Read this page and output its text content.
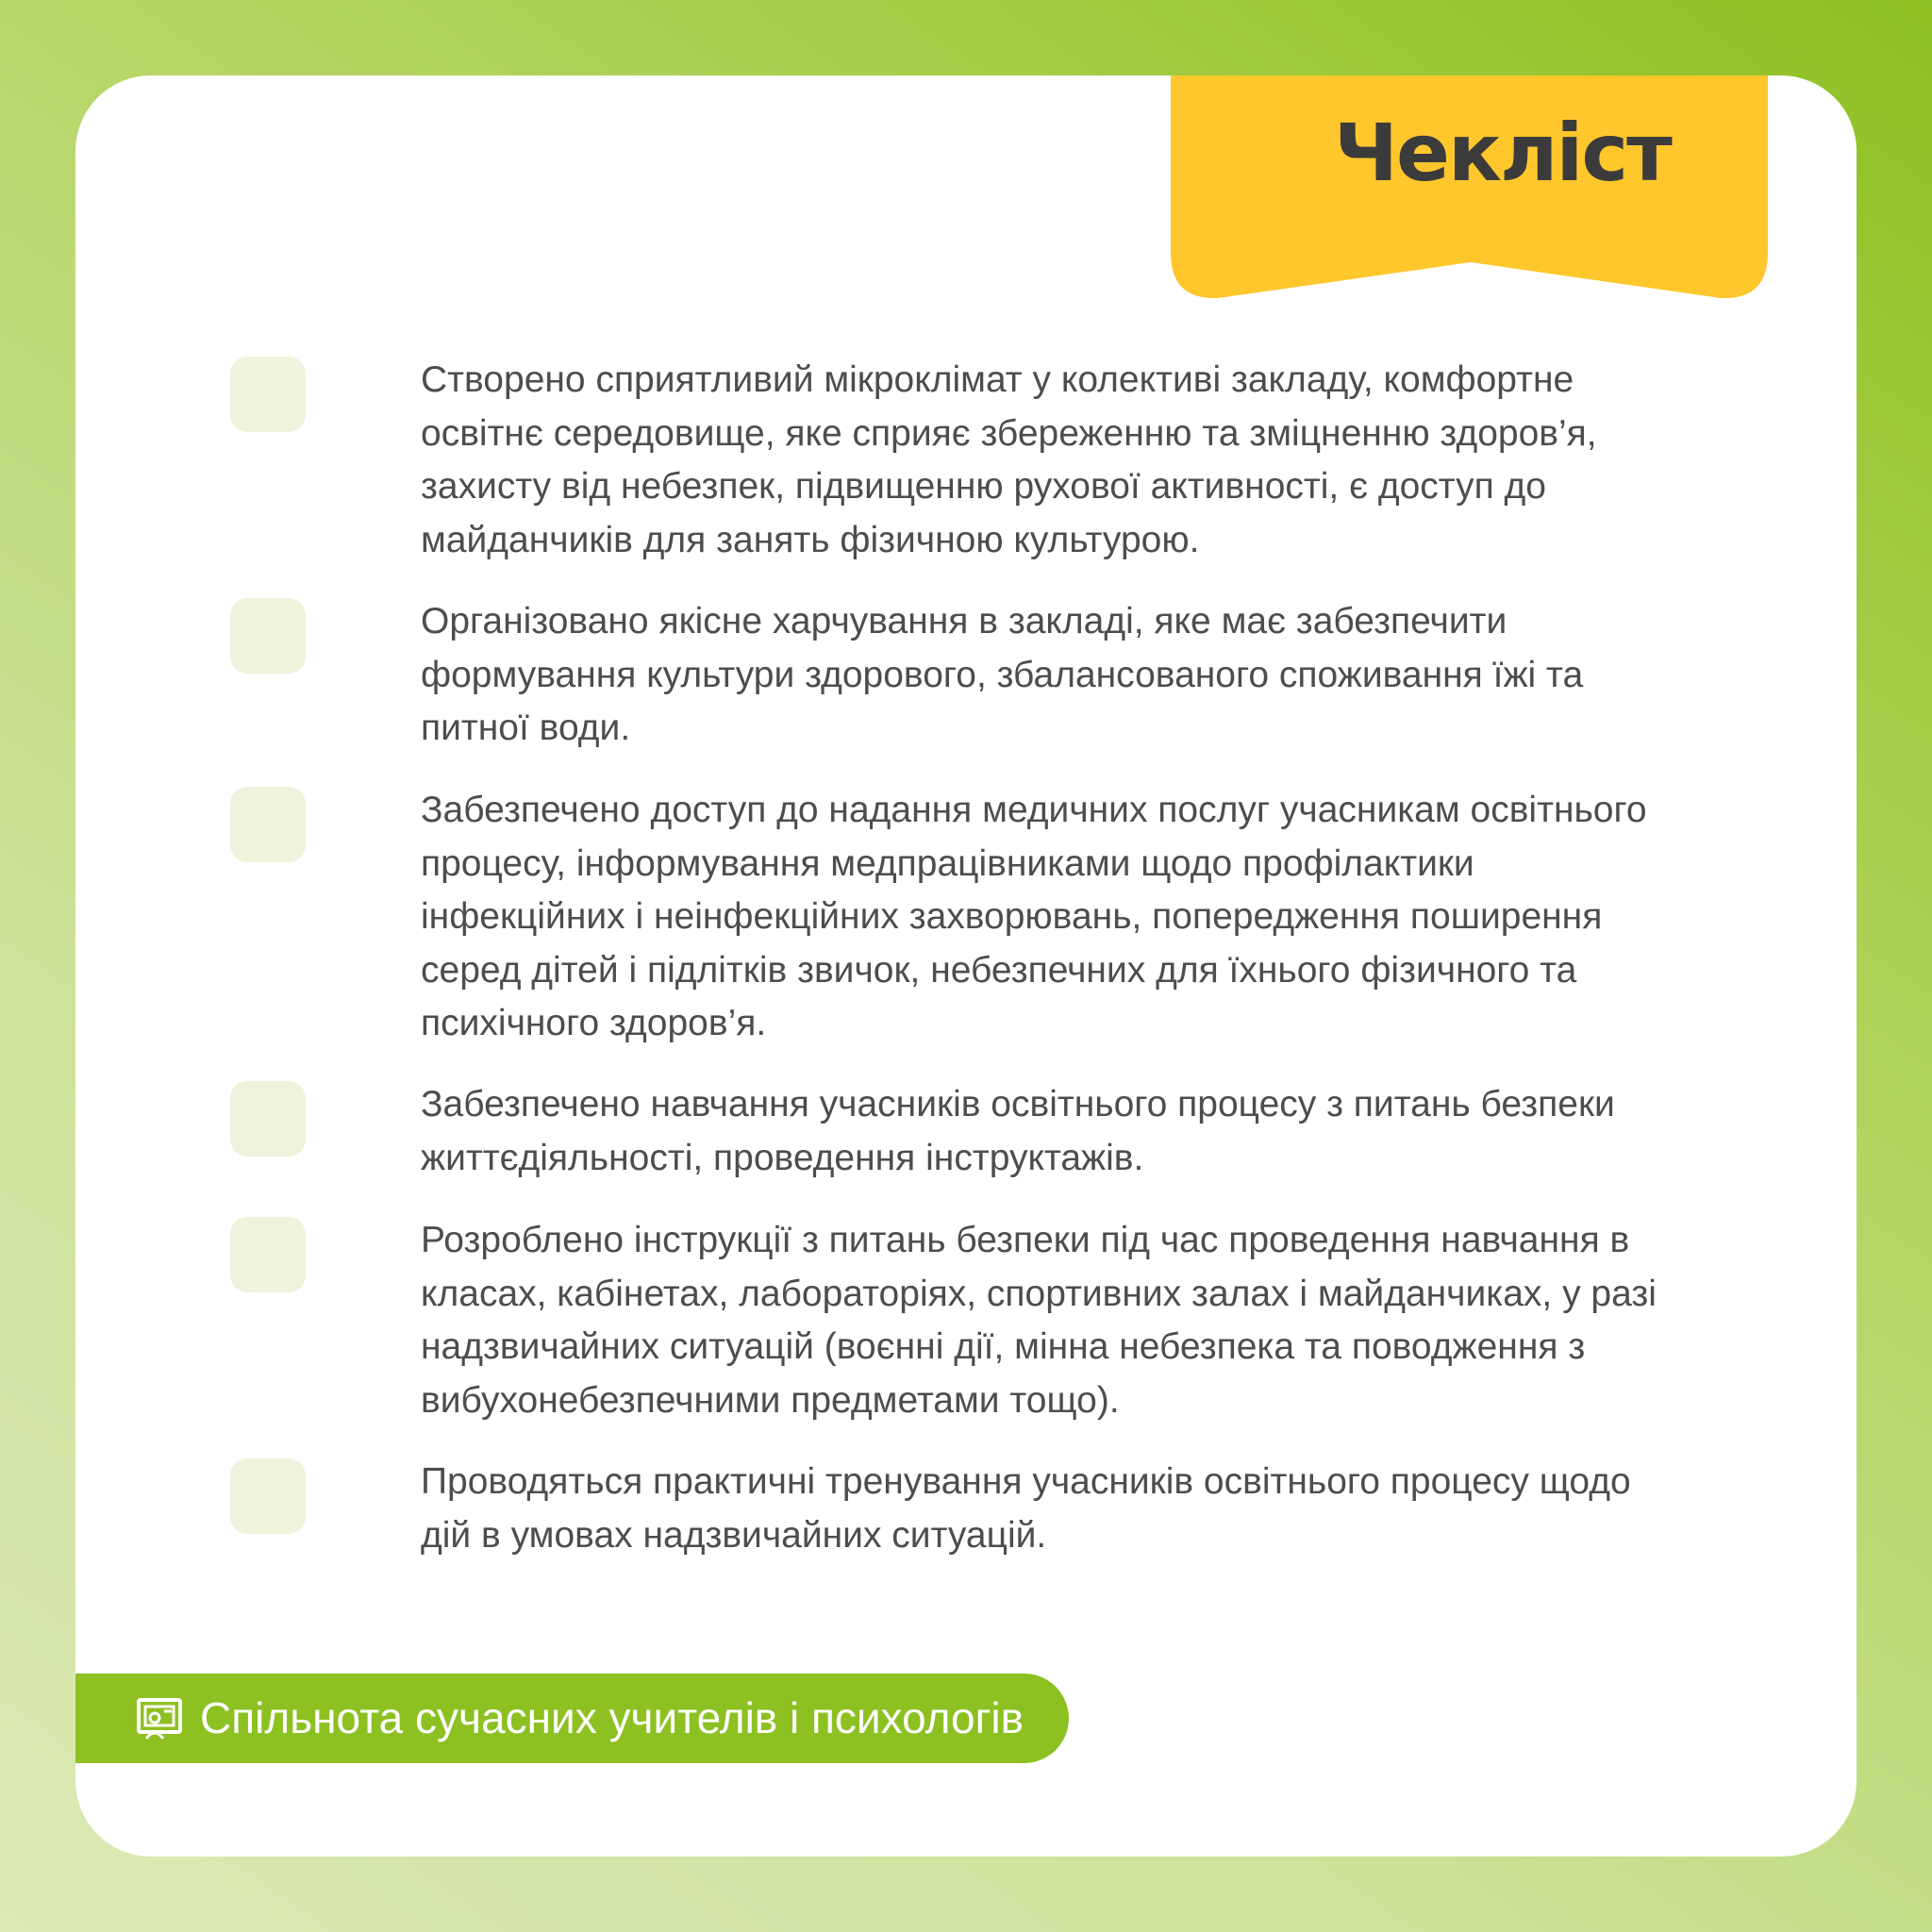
Чекліст

Створено сприятливий мікроклімат у колективі закладу, комфортне
освітнє середовище, яке сприяє збереженню та зміцненню здоров’я,
захисту від небезпек, підвищенню рухової активності, є доступ до
майданчиків для занять фізичною культурою.

Організовано якісне харчування в закладі, яке має забезпечити
формування культури здорового, збалансованого споживання їжі та
питної води.

Забезпечено доступ до надання медичних послуг учасникам освітнього
процесу, інформування медпрацівниками щодо профілактики
інфекційних і неінфекційних захворювань, попередження поширення
серед дітей і підлітків звичок, небезпечних для їхнього фізичного та
психічного здоров’я.

Забезпечено навчання учасників освітнього процесу з питань безпеки
життєдіяльності, проведення інструктажів.

Розроблено інструкції з питань безпеки під час проведення навчання в
класах, кабінетах, лабораторіях, спортивних залах і майданчиках, у разі
надзвичайних ситуацій (воєнні дії, мінна небезпека та поводження з
вибухонебезпечними предметами тощо).

Проводяться практичні тренування учасників освітнього процесу щодо
дій в умовах надзвичайних ситуацій.

Спільнота сучасних учителів і психологів
